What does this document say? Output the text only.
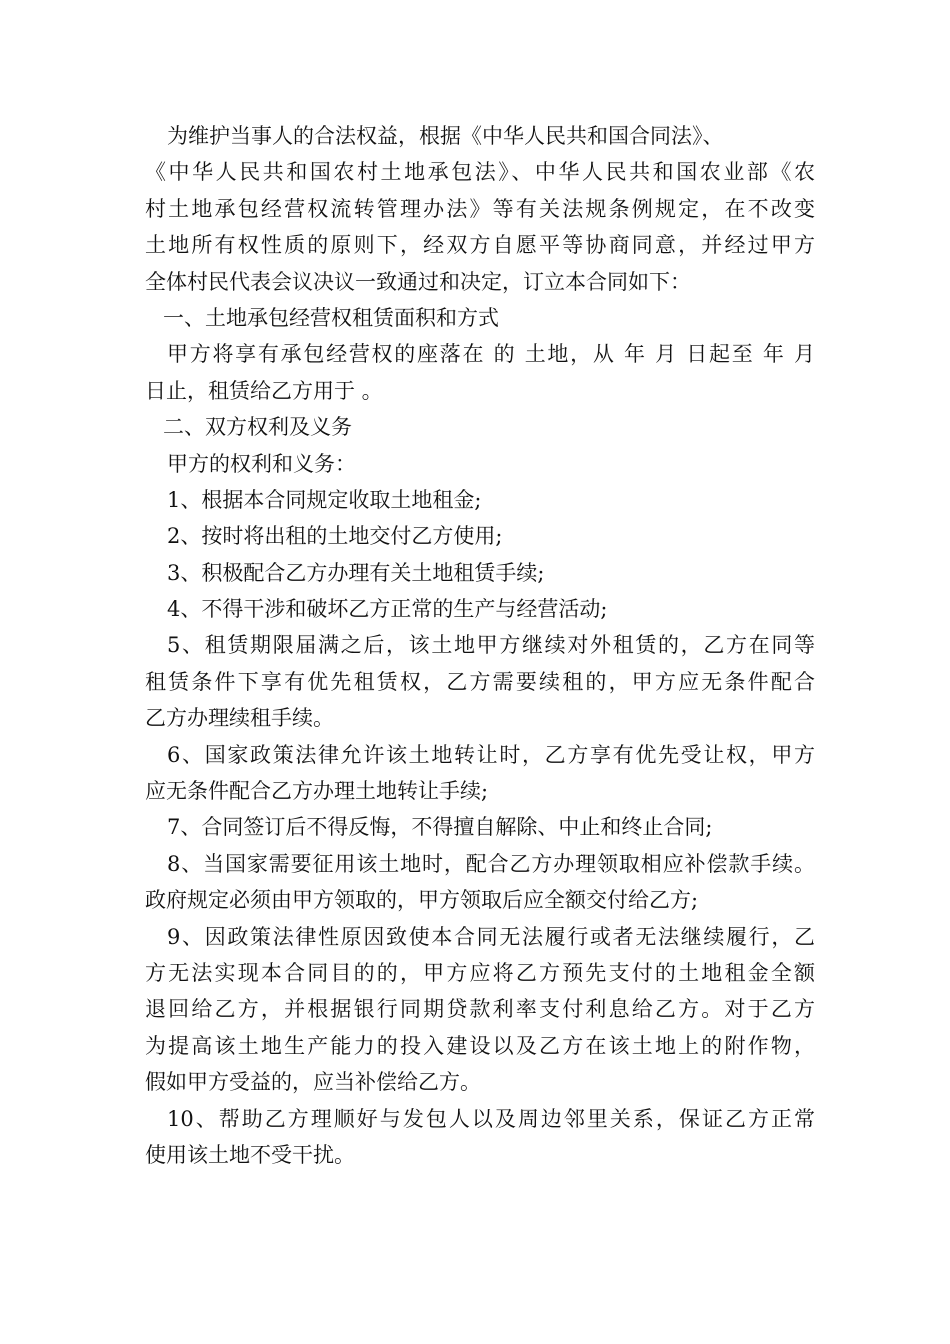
为维护当事人的合法权益，根据《中华人民共和国合同法》、
《中华人民共和国农村土地承包法》、中华人民共和国农业部《农
村土地承包经营权流转管理办法》等有关法规条例规定，在不改变
土地所有权性质的原则下，经双方自愿平等协商同意，并经过甲方
全体村民代表会议决议一致通过和决定，订立本合同如下：
一、土地承包经营权租赁面积和方式
甲方将享有承包经营权的座落在 的 土地，从 年 月 日起至 年 月
日止，租赁给乙方用于 。
二、双方权利及义务
甲方的权利和义务：
1、根据本合同规定收取土地租金;
2、按时将出租的土地交付乙方使用;
3、积极配合乙方办理有关土地租赁手续;
4、不得干涉和破坏乙方正常的生产与经营活动;
5、租赁期限届满之后，该土地甲方继续对外租赁的，乙方在同等
租赁条件下享有优先租赁权，乙方需要续租的，甲方应无条件配合
乙方办理续租手续。
6、国家政策法律允许该土地转让时，乙方享有优先受让权，甲方
应无条件配合乙方办理土地转让手续;
7、合同签订后不得反悔，不得擅自解除、中止和终止合同;
8、当国家需要征用该土地时，配合乙方办理领取相应补偿款手续。
政府规定必须由甲方领取的，甲方领取后应全额交付给乙方;
9、因政策法律性原因致使本合同无法履行或者无法继续履行，乙
方无法实现本合同目的的，甲方应将乙方预先支付的土地租金全额
退回给乙方，并根据银行同期贷款利率支付利息给乙方。对于乙方
为提高该土地生产能力的投入建设以及乙方在该土地上的附作物，
假如甲方受益的，应当补偿给乙方。
10、帮助乙方理顺好与发包人以及周边邻里关系，保证乙方正常
使用该土地不受干扰。
